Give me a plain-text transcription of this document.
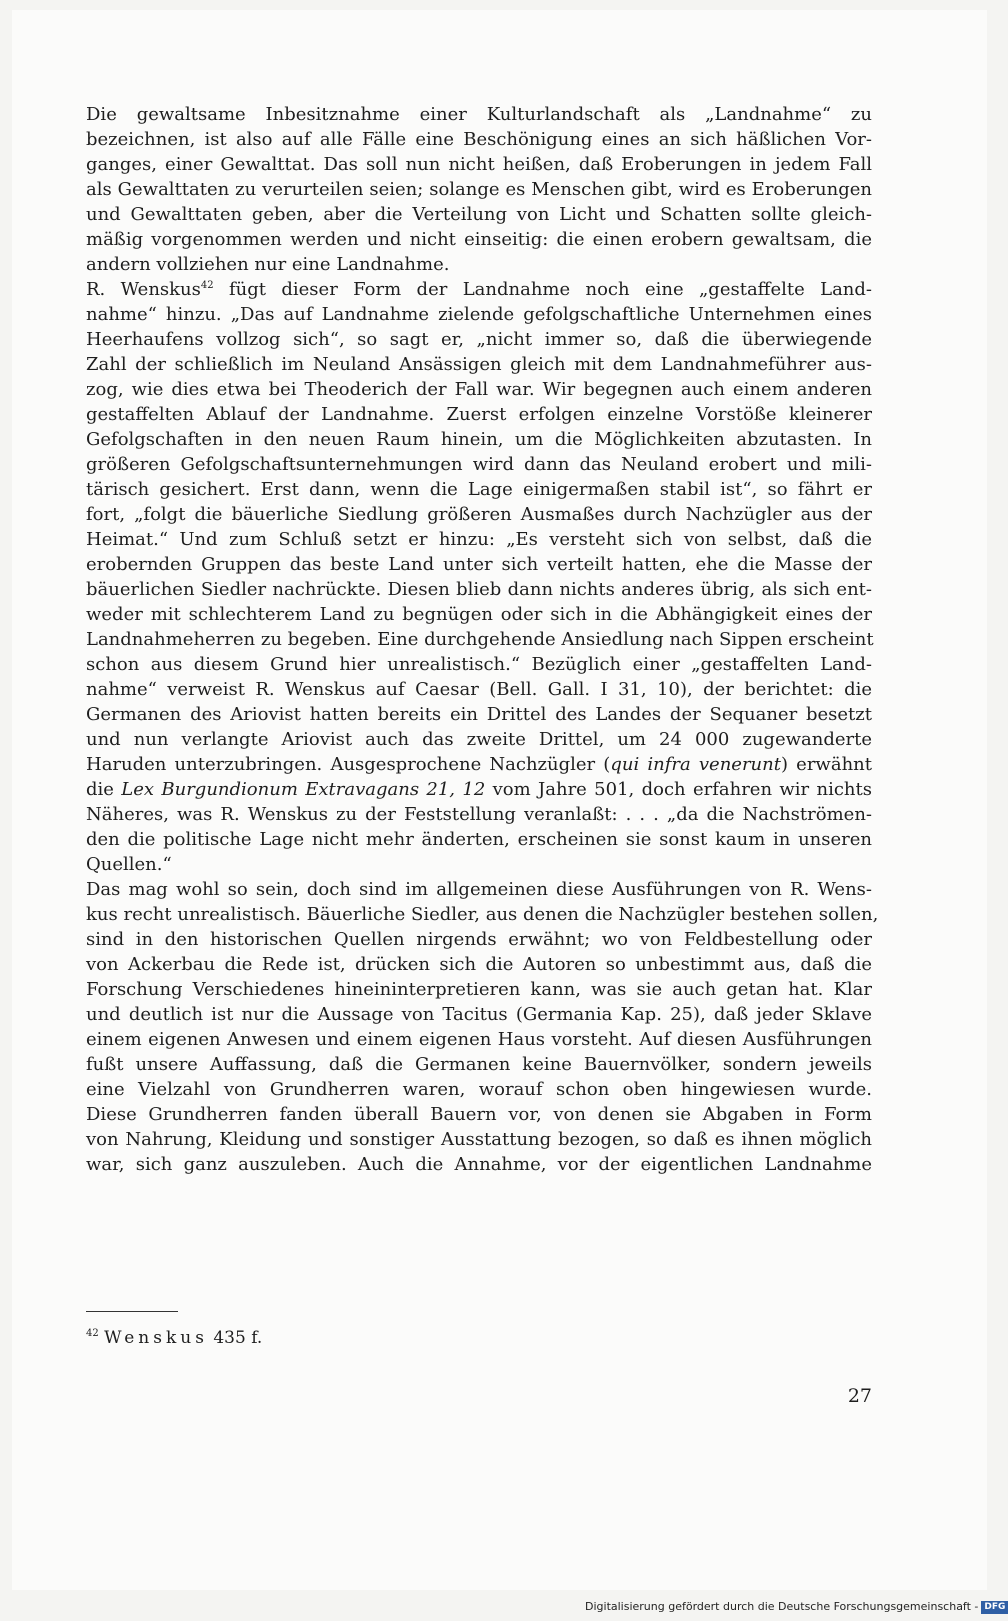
Die gewaltsame Inbesitznahme einer Kulturlandschaft als „Landnahme“ zu
bezeichnen, ist also auf alle Fälle eine Beschönigung eines an sich häßlichen Vor-
ganges, einer Gewalttat. Das soll nun nicht heißen, daß Eroberungen in jedem Fall
als Gewalttaten zu verurteilen seien; solange es Menschen gibt, wird es Eroberungen
und Gewalttaten geben, aber die Verteilung von Licht und Schatten sollte gleich-
mäßig vorgenommen werden und nicht einseitig: die einen erobern gewaltsam, die
andern vollziehen nur eine Landnahme.
R. Wenskus$^{42}$ fügt dieser Form der Landnahme noch eine „gestaffelte Land-
nahme“ hinzu. „Das auf Landnahme zielende gefolgschaftliche Unternehmen eines
Heerhaufens vollzog sich“, so sagt er, „nicht immer so, daß die überwiegende
Zahl der schließlich im Neuland Ansässigen gleich mit dem Landnahmeführer aus-
zog, wie dies etwa bei Theoderich der Fall war. Wir begegnen auch einem anderen
gestaffelten Ablauf der Landnahme. Zuerst erfolgen einzelne Vorstöße kleinerer
Gefolgschaften in den neuen Raum hinein, um die Möglichkeiten abzutasten. In
größeren Gefolgschaftsunternehmungen wird dann das Neuland erobert und mili-
tärisch gesichert. Erst dann, wenn die Lage einigermaßen stabil ist“, so fährt er
fort, „folgt die bäuerliche Siedlung größeren Ausmaßes durch Nachzügler aus der
Heimat.“ Und zum Schluß setzt er hinzu: „Es versteht sich von selbst, daß die
erobernden Gruppen das beste Land unter sich verteilt hatten, ehe die Masse der
bäuerlichen Siedler nachrückte. Diesen blieb dann nichts anderes übrig, als sich ent-
weder mit schlechterem Land zu begnügen oder sich in die Abhängigkeit eines der
Landnahmeherren zu begeben. Eine durchgehende Ansiedlung nach Sippen erscheint
schon aus diesem Grund hier unrealistisch.“ Bezüglich einer „gestaffelten Land-
nahme“ verweist R. Wenskus auf Caesar (Bell. Gall. I 31, 10), der berichtet: die
Germanen des Ariovist hatten bereits ein Drittel des Landes der Sequaner besetzt
und nun verlangte Ariovist auch das zweite Drittel, um 24 000 zugewanderte
Haruden unterzubringen. Ausgesprochene Nachzügler (qui infra venerunt) erwähnt
die Lex Burgundionum Extravagans 21, 12 vom Jahre 501, doch erfahren wir nichts
Näheres, was R. Wenskus zu der Feststellung veranlaßt: . . . „da die Nachströmen-
den die politische Lage nicht mehr änderten, erscheinen sie sonst kaum in unseren
Quellen.“
Das mag wohl so sein, doch sind im allgemeinen diese Ausführungen von R. Wens-
kus recht unrealistisch. Bäuerliche Siedler, aus denen die Nachzügler bestehen sollen,
sind in den historischen Quellen nirgends erwähnt; wo von Feldbestellung oder
von Ackerbau die Rede ist, drücken sich die Autoren so unbestimmt aus, daß die
Forschung Verschiedenes hineininterpretieren kann, was sie auch getan hat. Klar
und deutlich ist nur die Aussage von Tacitus (Germania Kap. 25), daß jeder Sklave
einem eigenen Anwesen und einem eigenen Haus vorsteht. Auf diesen Ausführungen
fußt unsere Auffassung, daß die Germanen keine Bauernvölker, sondern jeweils
eine Vielzahl von Grundherren waren, worauf schon oben hingewiesen wurde.
Diese Grundherren fanden überall Bauern vor, von denen sie Abgaben in Form
von Nahrung, Kleidung und sonstiger Ausstattung bezogen, so daß es ihnen möglich
war, sich ganz auszuleben. Auch die Annahme, vor der eigentlichen Landnahme
$^{42}$ Wenskus 435 f.
27
Digitalisierung gefördert durch die Deutsche Forschungsgemeinschaft - DFG
